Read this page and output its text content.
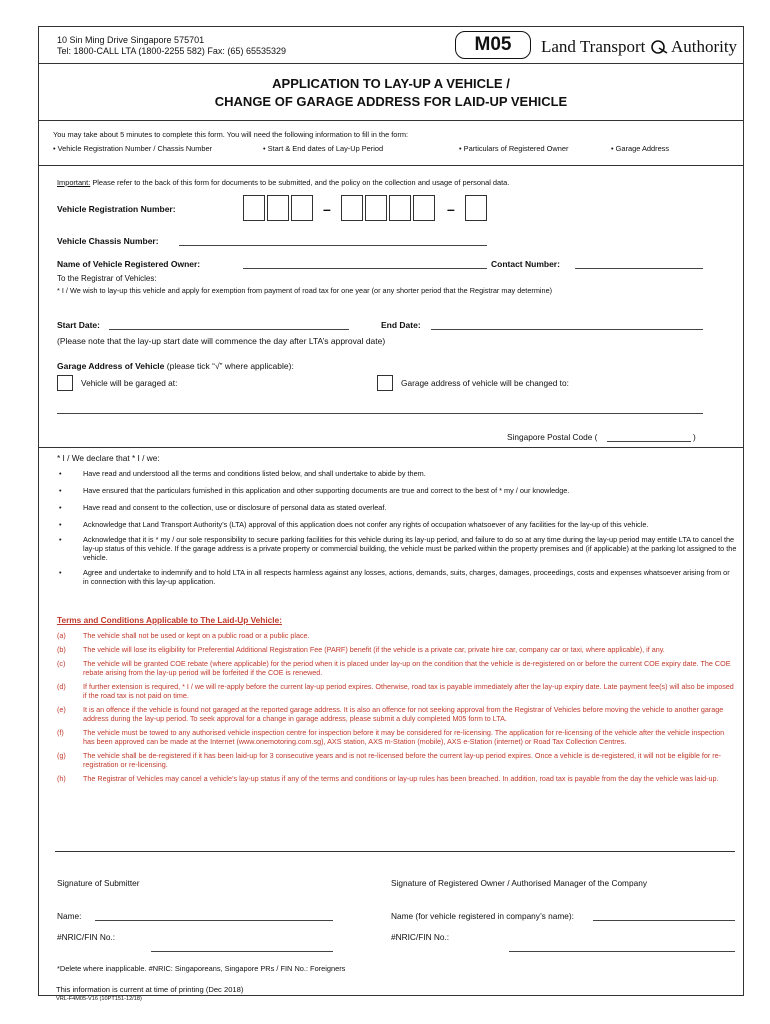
10 Sin Ming Drive Singapore 575701
Tel: 1800-CALL LTA (1800-2255 582) Fax: (65) 65535329	M05	Land Transport Authority
APPLICATION TO LAY-UP A VEHICLE /
CHANGE OF GARAGE ADDRESS FOR LAID-UP VEHICLE
You may take about 5 minutes to complete this form. You will need the following information to fill in the form:
• Vehicle Registration Number / Chassis Number	• Start & End dates of Lay-Up Period	• Particulars of Registered Owner	• Garage Address
Important: Please refer to the back of this form for documents to be submitted, and the policy on the collection and usage of personal data.
Vehicle Registration Number:	–	–
Vehicle Chassis Number:
Name of Vehicle Registered Owner:	Contact Number:
To the Registrar of Vehicles:
* I / We wish to lay-up this vehicle and apply for exemption from payment of road tax for one year (or any shorter period that the Registrar may determine)
Start Date:	End Date:
(Please note that the lay-up start date will commence the day after LTA’s approval date)
Garage Address of Vehicle (please tick “√” where applicable):
Vehicle will be garaged at:	Garage address of vehicle will be changed to:
Singapore Postal Code (	)
* I / We declare that * I / we:
• Have read and understood all the terms and conditions listed below, and shall undertake to abide by them.
• Have ensured that the particulars furnished in this application and other supporting documents are true and correct to the best of * my / our knowledge.
• Have read and consent to the collection, use or disclosure of personal data as stated overleaf.
• Acknowledge that Land Transport Authority’s (LTA) approval of this application does not confer any rights of occupation whatsoever of any facilities for the lay-up of this vehicle.
• Acknowledge that it is * my / our sole responsibility to secure parking facilities for this vehicle during its lay-up period, and failure to do so at any time during the lay-up period may entitle LTA to cancel the lay-up status of this vehicle. If the garage address is a private property or commercial building, the vehicle must be parked within the property premises and (if applicable) at the parking lot assigned to the vehicle.
• Agree and undertake to indemnify and to hold LTA in all respects harmless against any losses, actions, demands, suits, charges, damages, proceedings, costs and expenses whatsoever arising from or in connection with this lay-up application.
Terms and Conditions Applicable to The Laid-Up Vehicle:
(a) The vehicle shall not be used or kept on a public road or a public place.
(b) The vehicle will lose its eligibility for Preferential Additional Registration Fee (PARF) benefit (if the vehicle is a private car, private hire car, company car or taxi, where applicable), if any.
(c) The vehicle will be granted COE rebate (where applicable) for the period when it is placed under lay-up on the condition that the vehicle is de-registered on or before the current COE expiry date. The COE rebate arising from the lay-up period will be forfeited if the COE is renewed.
(d) If further extension is required, * I / we will re-apply before the current lay-up period expires. Otherwise, road tax is payable immediately after the lay-up expiry date. Late payment fee(s) will also be imposed if the road tax is not paid on time.
(e) It is an offence if the vehicle is found not garaged at the reported garage address. It is also an offence for not seeking approval from the Registrar of Vehicles before moving the vehicle to another garage address during the lay-up period. To seek approval for a change in garage address, please submit a duly completed M05 form to LTA.
(f)	The vehicle must be towed to any authorised vehicle inspection centre for inspection before it may be considered for re-licensing. The application for re-licensing of the vehicle after the vehicle inspection has been approved can be made at the Internet (www.onemotoring.com.sg), AXS station, AXS m-Station (mobile), AXS e-Station (internet) or Road Tax Collection Centres.
(g) The vehicle shall be de-registered if it has been laid-up for 3 consecutive years and is not re-licensed before the current lay-up period expires. Once a vehicle is de-registered, it will not be eligible for re-registration or re-licensing.
(h) The Registrar of Vehicles may cancel a vehicle’s lay-up status if any of the terms and conditions or lay-up rules has been breached. In addition, road tax is payable from the day the vehicle was laid-up.
Signature of Submitter	Signature of Registered Owner / Authorised Manager of the Company
Name:	Name (for vehicle registered in company’s name):
#NRIC/FIN No.:	#NRIC/FIN No.:
*Delete where inapplicable. #NRIC: Singaporeans, Singapore PRs / FIN No.: Foreigners
This information is current at time of printing (Dec 2018)
VRL-F4M05-V16 (10PT151-12/18)
